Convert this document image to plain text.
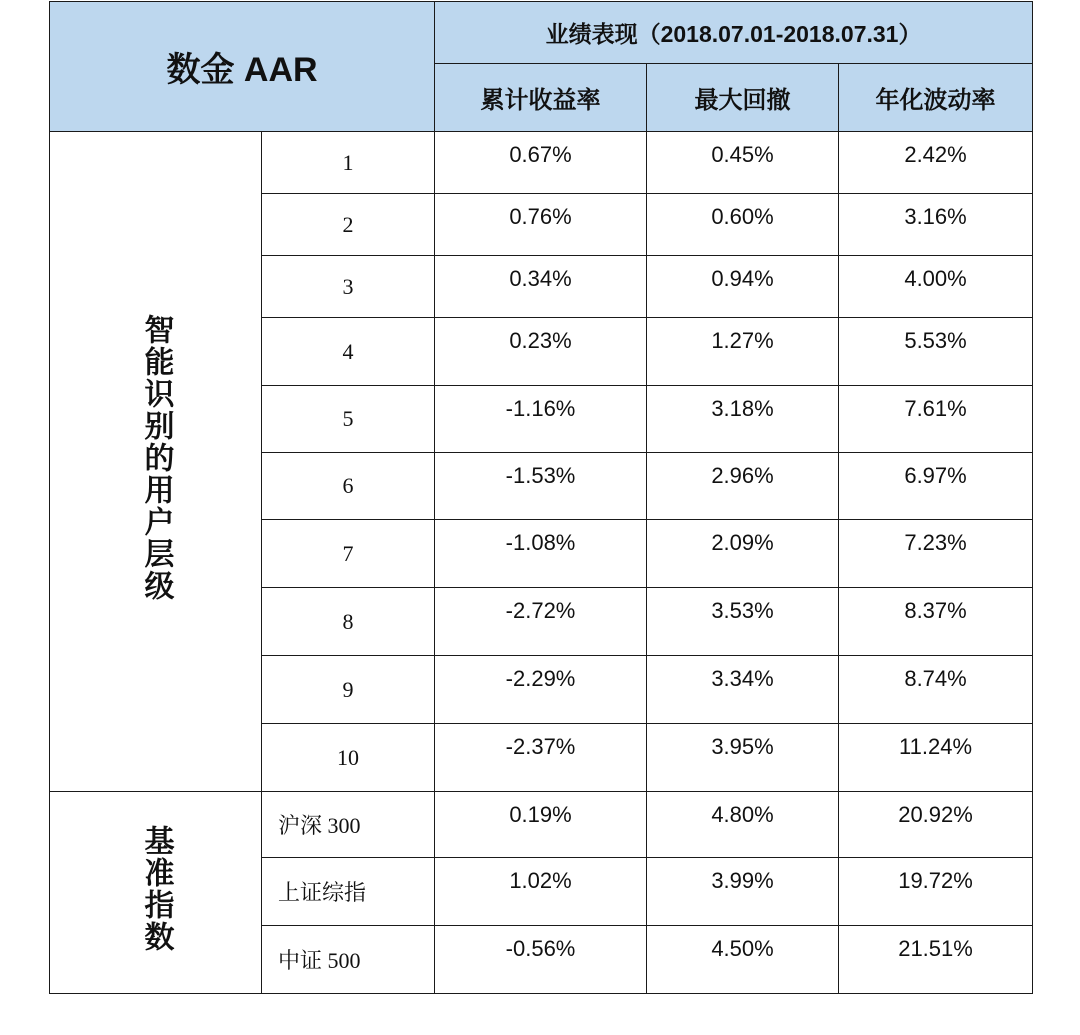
数金 AAR		业绩表现（2018.07.01-2018.07.31）		
		累计收益率	最大回撤	年化波动率
智能识别的用户层级	1	0.67%	0.45%	2.42%
	2	0.76%	0.60%	3.16%
	3	0.34%	0.94%	4.00%
	4	0.23%	1.27%	5.53%
	5	-1.16%	3.18%	7.61%
	6	-1.53%	2.96%	6.97%
	7	-1.08%	2.09%	7.23%
	8	-2.72%	3.53%	8.37%
	9	-2.29%	3.34%	8.74%
	10	-2.37%	3.95%	11.24%
基准指数	沪深 300	0.19%	4.80%	20.92%
	上证综指	1.02%	3.99%	19.72%
	中证 500	-0.56%	4.50%	21.51%
